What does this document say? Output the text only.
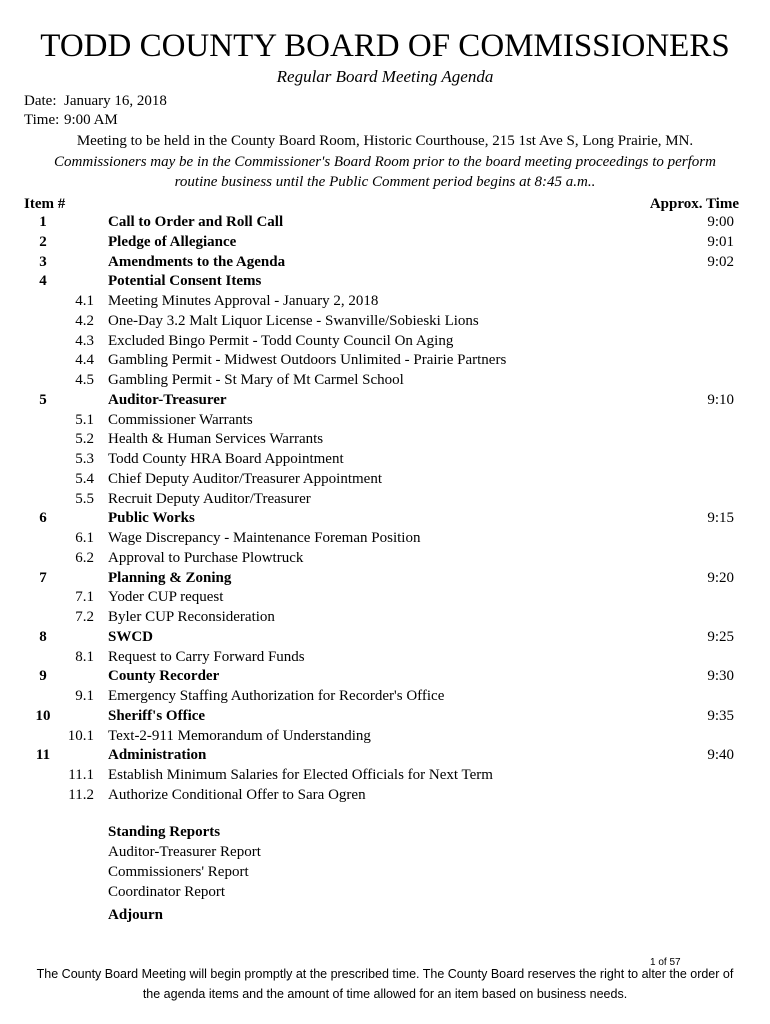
TODD COUNTY BOARD OF COMMISSIONERS
Regular Board Meeting Agenda
Date: January 16, 2018
Time: 9:00 AM
Meeting to be held in the County Board Room, Historic Courthouse, 215 1st Ave S, Long Prairie, MN.
Commissioners may be in the Commissioner's Board Room prior to the board meeting proceedings to perform
routine business until the Public Comment period begins at 8:45 a.m..
Item #	Approx. Time
1	Call to Order and Roll Call	9:00
2	Pledge of Allegiance	9:01
3	Amendments to the Agenda	9:02
4	Potential Consent Items
4.1 Meeting Minutes Approval - January 2, 2018
4.2 One-Day 3.2 Malt Liquor License - Swanville/Sobieski Lions
4.3 Excluded Bingo Permit - Todd County Council On Aging
4.4 Gambling Permit - Midwest Outdoors Unlimited - Prairie Partners
4.5 Gambling Permit - St Mary of Mt Carmel School
5	Auditor-Treasurer	9:10
5.1 Commissioner Warrants
5.2 Health & Human Services Warrants
5.3 Todd County HRA Board Appointment
5.4 Chief Deputy Auditor/Treasurer Appointment
5.5 Recruit Deputy Auditor/Treasurer
6	Public Works	9:15
6.1 Wage Discrepancy - Maintenance Foreman Position
6.2 Approval to Purchase Plowtruck
7	Planning & Zoning	9:20
7.1 Yoder CUP request
7.2 Byler CUP Reconsideration
8	SWCD	9:25
8.1 Request to Carry Forward Funds
9	County Recorder	9:30
9.1 Emergency Staffing Authorization for Recorder's Office
10	Sheriff's Office	9:35
10.1 Text-2-911 Memorandum of Understanding
11	Administration	9:40
11.1 Establish Minimum Salaries for Elected Officials for Next Term
11.2 Authorize Conditional Offer to Sara Ogren
Standing Reports
Auditor-Treasurer Report
Commissioners' Report
Coordinator Report
Adjourn
1 of 57
The County Board Meeting will begin promptly at the prescribed time. The County Board reserves the right to alter the order of
the agenda items and the amount of time allowed for an item based on business needs.
